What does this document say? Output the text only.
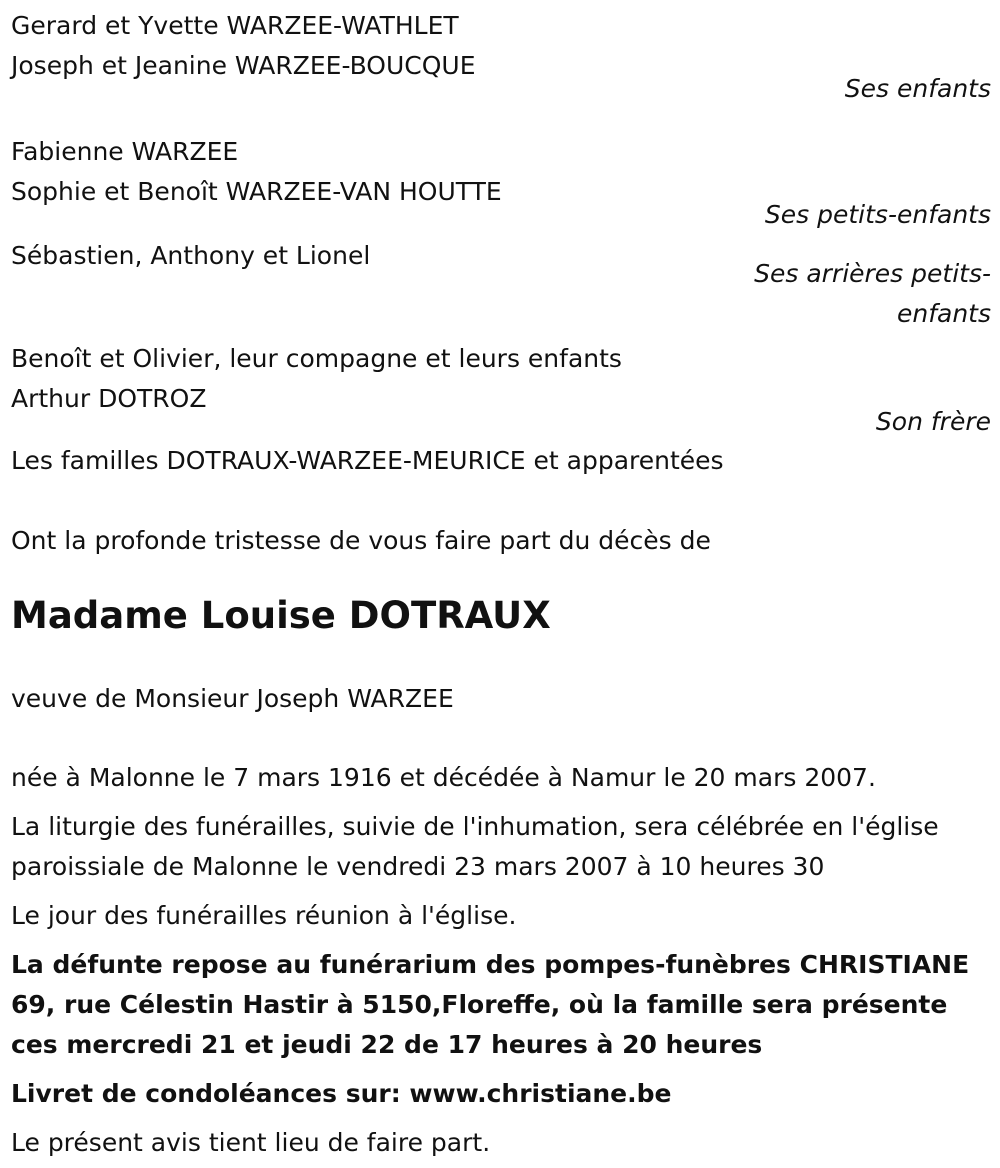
Gerard et Yvette WARZEE-WATHLET
Joseph et Jeanine WARZEE-BOUCQUE
Ses enfants
Fabienne WARZEE
Sophie et Benoît WARZEE-VAN HOUTTE
Ses petits-enfants
Sébastien, Anthony et Lionel
Ses arrières petits-enfants
Benoît et Olivier, leur compagne et leurs enfants
Arthur DOTROZ
Son frère
Les familles DOTRAUX-WARZEE-MEURICE et apparentées
Ont la profonde tristesse de vous faire part du décès de
Madame Louise DOTRAUX
veuve de Monsieur Joseph WARZEE
née à Malonne le 7 mars 1916 et décédée à Namur le 20 mars 2007.
La liturgie des funérailles, suivie de l'inhumation, sera célébrée en l'église paroissiale de Malonne le vendredi 23 mars 2007 à 10 heures 30
Le jour des funérailles réunion à l'église.
La défunte repose au funérarium des pompes-funèbres CHRISTIANE 69, rue Célestin Hastir à 5150,Floreffe, où la famille sera présente ces mercredi 21 et jeudi 22 de 17 heures à 20 heures
Livret de condoléances sur: www.christiane.be
Le présent avis tient lieu de faire part.
